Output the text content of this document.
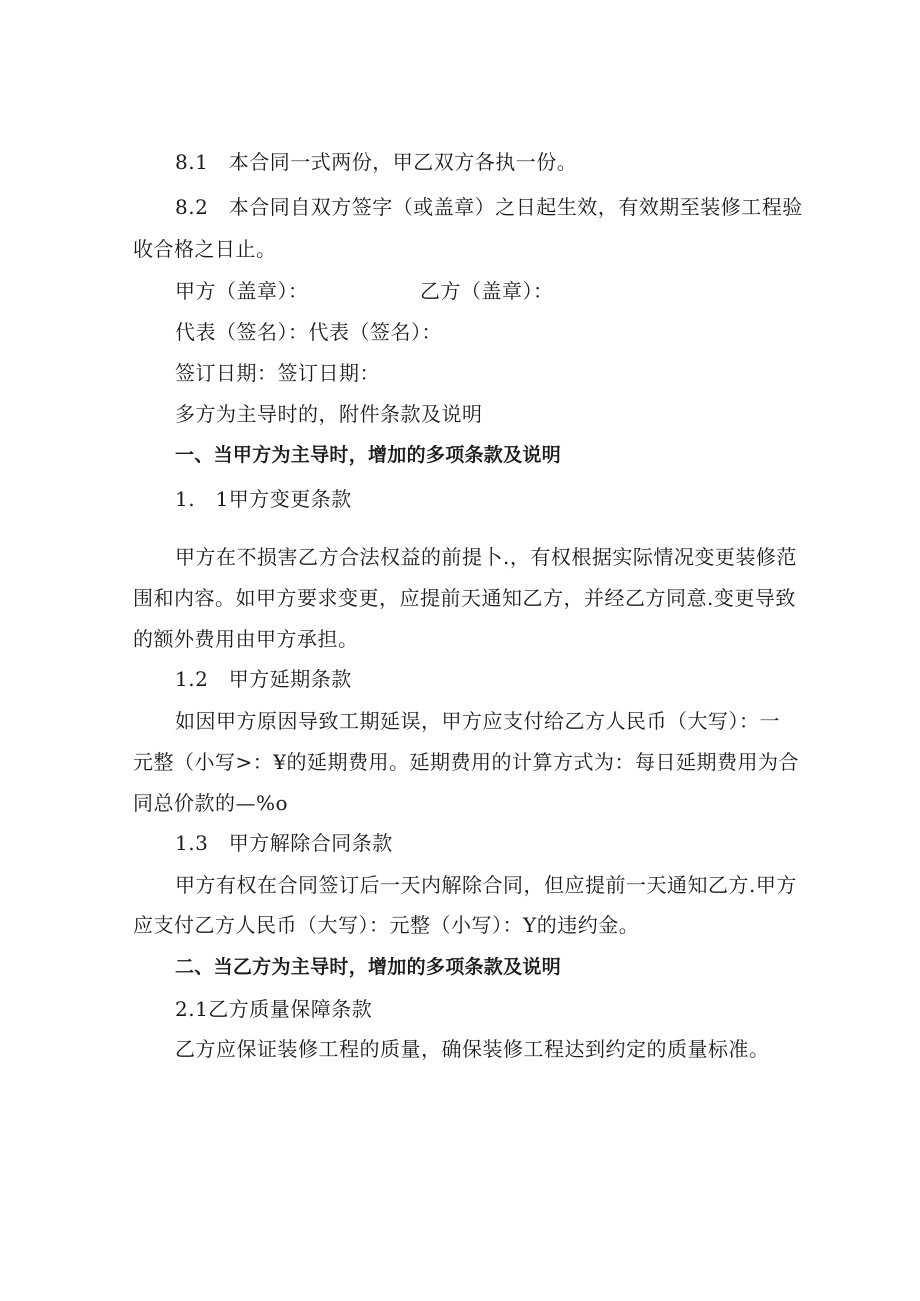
8.1　本合同一式两份，甲乙双方各执一份。
8.2　本合同自双方签字（或盖章）之日起生效，有效期至装修工程验
收合格之日止。
甲方（盖章）：	乙方（盖章）：
代表（签名）：代表（签名）：
签订日期：签订日期：
多方为主导时的，附件条款及说明
一、当甲方为主导时，增加的多项条款及说明
1.　1甲方变更条款
甲方在不损害乙方合法权益的前提卜.，有权根据实际情况变更装修范
围和内容。如甲方要求变更，应提前天通知乙方，并经乙方同意.变更导致
的额外费用由甲方承担。
1.2　甲方延期条款
如因甲方原因导致工期延误，甲方应支付给乙方人民币（大写）：一
元整（小写>：¥的延期费用。延期费用的计算方式为：每日延期费用为合
同总价款的—%o
1.3　甲方解除合同条款
甲方有权在合同签订后一天内解除合同，但应提前一天通知乙方.甲方
应支付乙方人民币（大写）：元整（小写）：Y的违约金。
二、当乙方为主导时，增加的多项条款及说明
2.1乙方质量保障条款
乙方应保证装修工程的质量，确保装修工程达到约定的质量标准。
